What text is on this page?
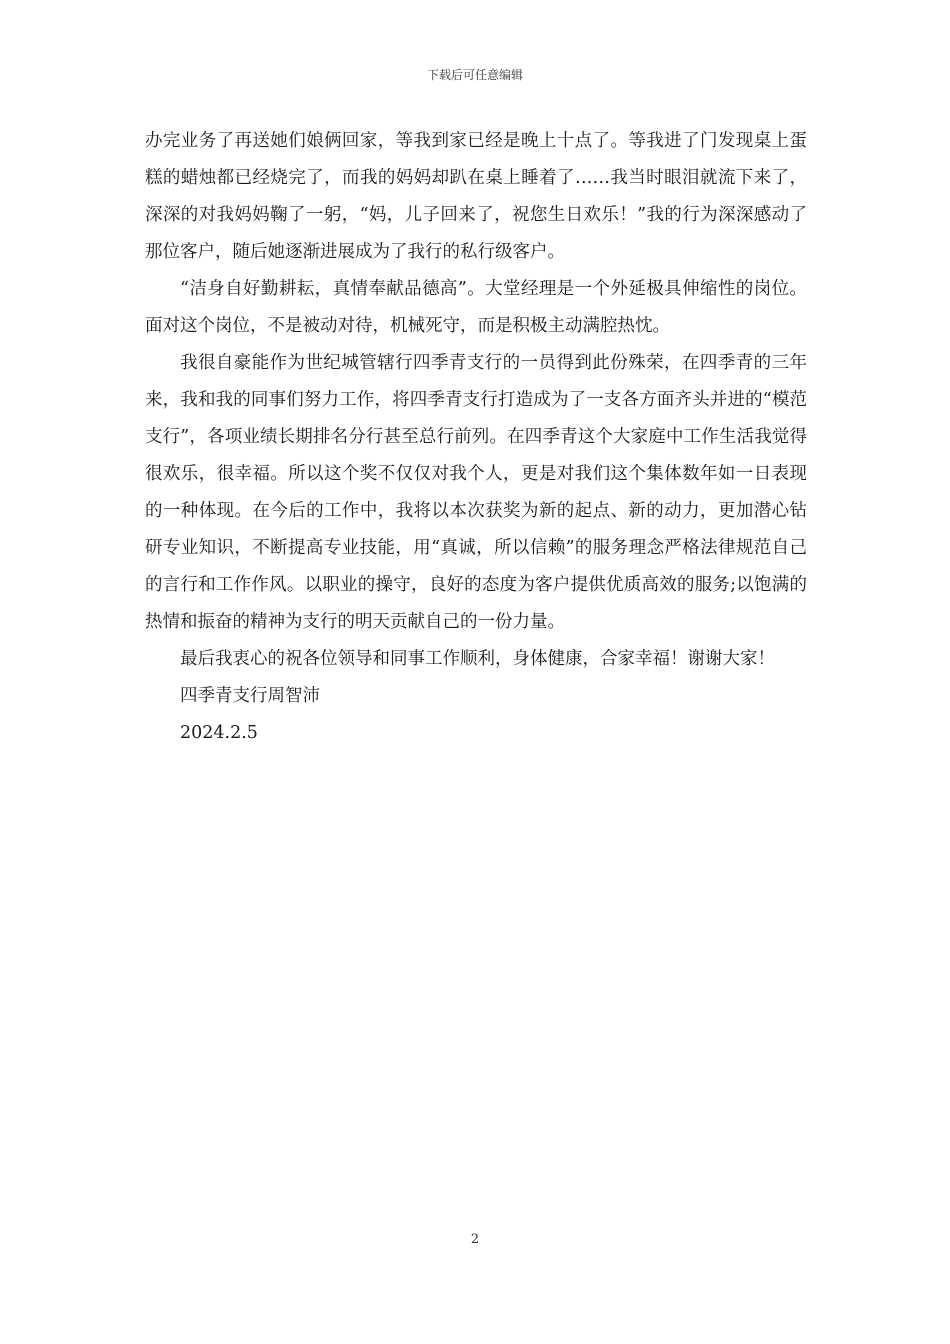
下载后可任意编辑

办完业务了再送她们娘俩回家，等我到家已经是晚上十点了。等我进了门发现桌上蛋糕的蜡烛都已经烧完了，而我的妈妈却趴在桌上睡着了……我当时眼泪就流下来了，深深的对我妈妈鞠了一躬，“妈，儿子回来了，祝您生日欢乐！”我的行为深深感动了那位客户，随后她逐渐进展成为了我行的私行级客户。

“洁身自好勤耕耘，真情奉献品德高”。大堂经理是一个外延极具伸缩性的岗位。面对这个岗位，不是被动对待，机械死守，而是积极主动满腔热忱。

我很自豪能作为世纪城管辖行四季青支行的一员得到此份殊荣，在四季青的三年来，我和我的同事们努力工作，将四季青支行打造成为了一支各方面齐头并进的“模范支行”，各项业绩长期排名分行甚至总行前列。在四季青这个大家庭中工作生活我觉得很欢乐，很幸福。所以这个奖不仅仅对我个人，更是对我们这个集体数年如一日表现的一种体现。在今后的工作中，我将以本次获奖为新的起点、新的动力，更加潜心钻研专业知识，不断提高专业技能，用“真诚，所以信赖”的服务理念严格法律规范自己的言行和工作作风。以职业的操守，良好的态度为客户提供优质高效的服务;以饱满的热情和振奋的精神为支行的明天贡献自己的一份力量。

最后我衷心的祝各位领导和同事工作顺利，身体健康，合家幸福！谢谢大家！

四季青支行周智沛

2024.2.5

2
